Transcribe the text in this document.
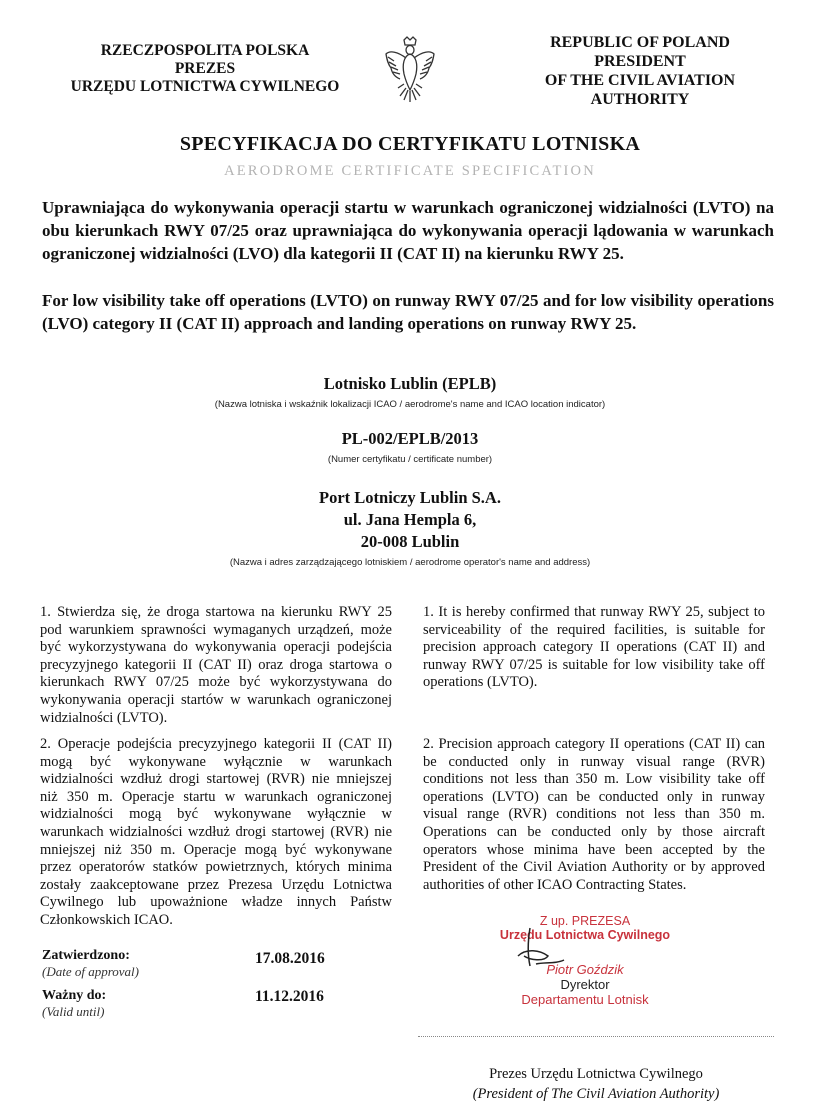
RZECZPOSPOLITA POLSKA
PREZES
URZĘDU LOTNICTWA CYWILNEGO
REPUBLIC OF POLAND
PRESIDENT
OF THE CIVIL AVIATION
AUTHORITY
SPECYFIKACJA DO CERTYFIKATU LOTNISKA
AERODROME CERTIFICATE SPECIFICATION
Uprawniająca do wykonywania operacji startu w warunkach ograniczonej widzialności (LVTO) na obu kierunkach RWY 07/25 oraz uprawniająca do wykonywania operacji lądowania w warunkach ograniczonej widzialności (LVO) dla kategorii II (CAT II) na kierunku RWY 25.
For low visibility take off operations (LVTO) on runway RWY 07/25 and for low visibility operations (LVO) category II (CAT II) approach and landing operations on runway RWY 25.
Lotnisko Lublin (EPLB)
(Nazwa lotniska i wskaźnik lokalizacji ICAO / aerodrome's name and ICAO location indicator)
PL-002/EPLB/2013
(Numer certyfikatu / certificate number)
Port Lotniczy Lublin S.A.
ul. Jana Hempla 6,
20-008 Lublin
(Nazwa i adres zarządzającego lotniskiem / aerodrome operator's name and address)
1. Stwierdza się, że droga startowa na kierunku RWY 25 pod warunkiem sprawności wymaganych urządzeń, może być wykorzystywana do wykonywania operacji podejścia precyzyjnego kategorii II (CAT II) oraz droga startowa o kierunkach RWY 07/25 może być wykorzystywana do wykonywania operacji startów w warunkach ograniczonej widzialności (LVTO).
2. Operacje podejścia precyzyjnego kategorii II (CAT II) mogą być wykonywane wyłącznie w warunkach widzialności wzdłuż drogi startowej (RVR) nie mniejszej niż 350 m. Operacje startu w warunkach ograniczonej widzialności mogą być wykonywane wyłącznie w warunkach widzialności wzdłuż drogi startowej (RVR) nie mniejszej niż 350 m. Operacje mogą być wykonywane przez operatorów statków powietrznych, których minima zostały zaakceptowane przez Prezesa Urzędu Lotnictwa Cywilnego lub upoważnione władze innych Państw Członkowskich ICAO.
1. It is hereby confirmed that runway RWY 25, subject to serviceability of the required facilities, is suitable for precision approach category II operations (CAT II) and runway RWY 07/25 is suitable for low visibility take off operations (LVTO).
2. Precision approach category II operations (CAT II) can be conducted only in runway visual range (RVR) conditions not less than 350 m. Low visibility take off operations (LVTO) can be conducted only in runway visual range (RVR) conditions not less than 350 m. Operations can be conducted only by those aircraft operators whose minima have been accepted by the President of the Civil Aviation Authority or by approved authorities of other ICAO Contracting States.
Zatwierdzono:
(Date of approval)
17.08.2016
Ważny do:
(Valid until)
11.12.2016
Z up. PREZESA
Urzędu Lotnictwa Cywilnego
Piotr Goździk
Dyrektor
Departamentu Lotnisk
Prezes Urzędu Lotnictwa Cywilnego
(President of The Civil Aviation Authority)
